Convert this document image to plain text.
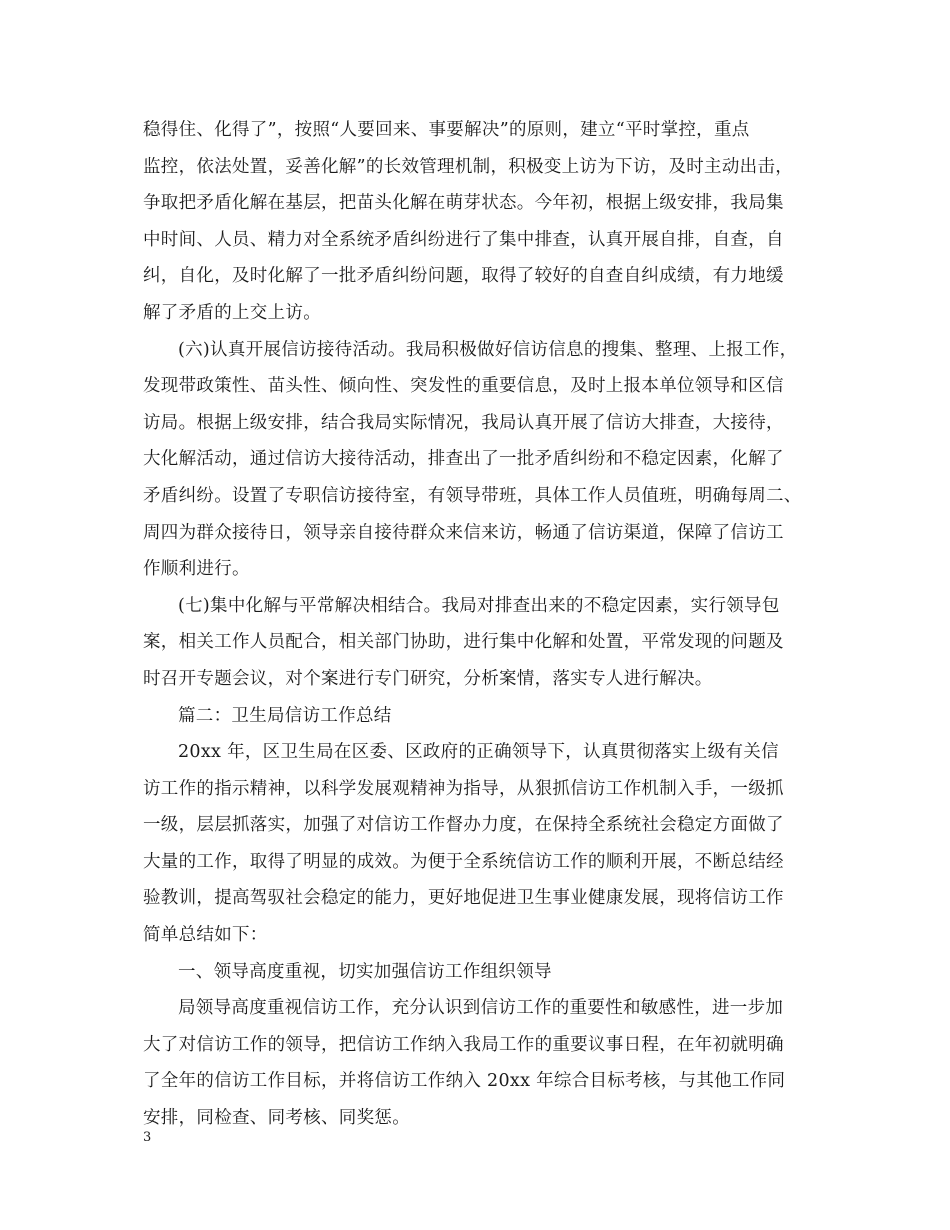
稳得住、化得了”，按照“人要回来、事要解决”的原则，建立“平时掌控，重点
监控，依法处置，妥善化解”的长效管理机制，积极变上访为下访，及时主动出击，
争取把矛盾化解在基层，把苗头化解在萌芽状态。今年初，根据上级安排，我局集
中时间、人员、精力对全系统矛盾纠纷进行了集中排查，认真开展自排，自查，自
纠，自化，及时化解了一批矛盾纠纷问题，取得了较好的自查自纠成绩，有力地缓
解了矛盾的上交上访。
(六)认真开展信访接待活动。我局积极做好信访信息的搜集、整理、上报工作，
发现带政策性、苗头性、倾向性、突发性的重要信息，及时上报本单位领导和区信
访局。根据上级安排，结合我局实际情况，我局认真开展了信访大排查，大接待，
大化解活动，通过信访大接待活动，排查出了一批矛盾纠纷和不稳定因素，化解了
矛盾纠纷。设置了专职信访接待室，有领导带班，具体工作人员值班，明确每周二、
周四为群众接待日，领导亲自接待群众来信来访，畅通了信访渠道，保障了信访工
作顺利进行。
(七)集中化解与平常解决相结合。我局对排查出来的不稳定因素，实行领导包
案，相关工作人员配合，相关部门协助，进行集中化解和处置，平常发现的问题及
时召开专题会议，对个案进行专门研究，分析案情，落实专人进行解决。
篇二：卫生局信访工作总结
20xx 年，区卫生局在区委、区政府的正确领导下，认真贯彻落实上级有关信
访工作的指示精神，以科学发展观精神为指导，从狠抓信访工作机制入手，一级抓
一级，层层抓落实，加强了对信访工作督办力度，在保持全系统社会稳定方面做了
大量的工作，取得了明显的成效。为便于全系统信访工作的顺利开展，不断总结经
验教训，提高驾驭社会稳定的能力，更好地促进卫生事业健康发展，现将信访工作
简单总结如下：
一、领导高度重视，切实加强信访工作组织领导
局领导高度重视信访工作，充分认识到信访工作的重要性和敏感性，进一步加
大了对信访工作的领导，把信访工作纳入我局工作的重要议事日程，在年初就明确
了全年的信访工作目标，并将信访工作纳入 20xx 年综合目标考核，与其他工作同
安排，同检查、同考核、同奖惩。
3
